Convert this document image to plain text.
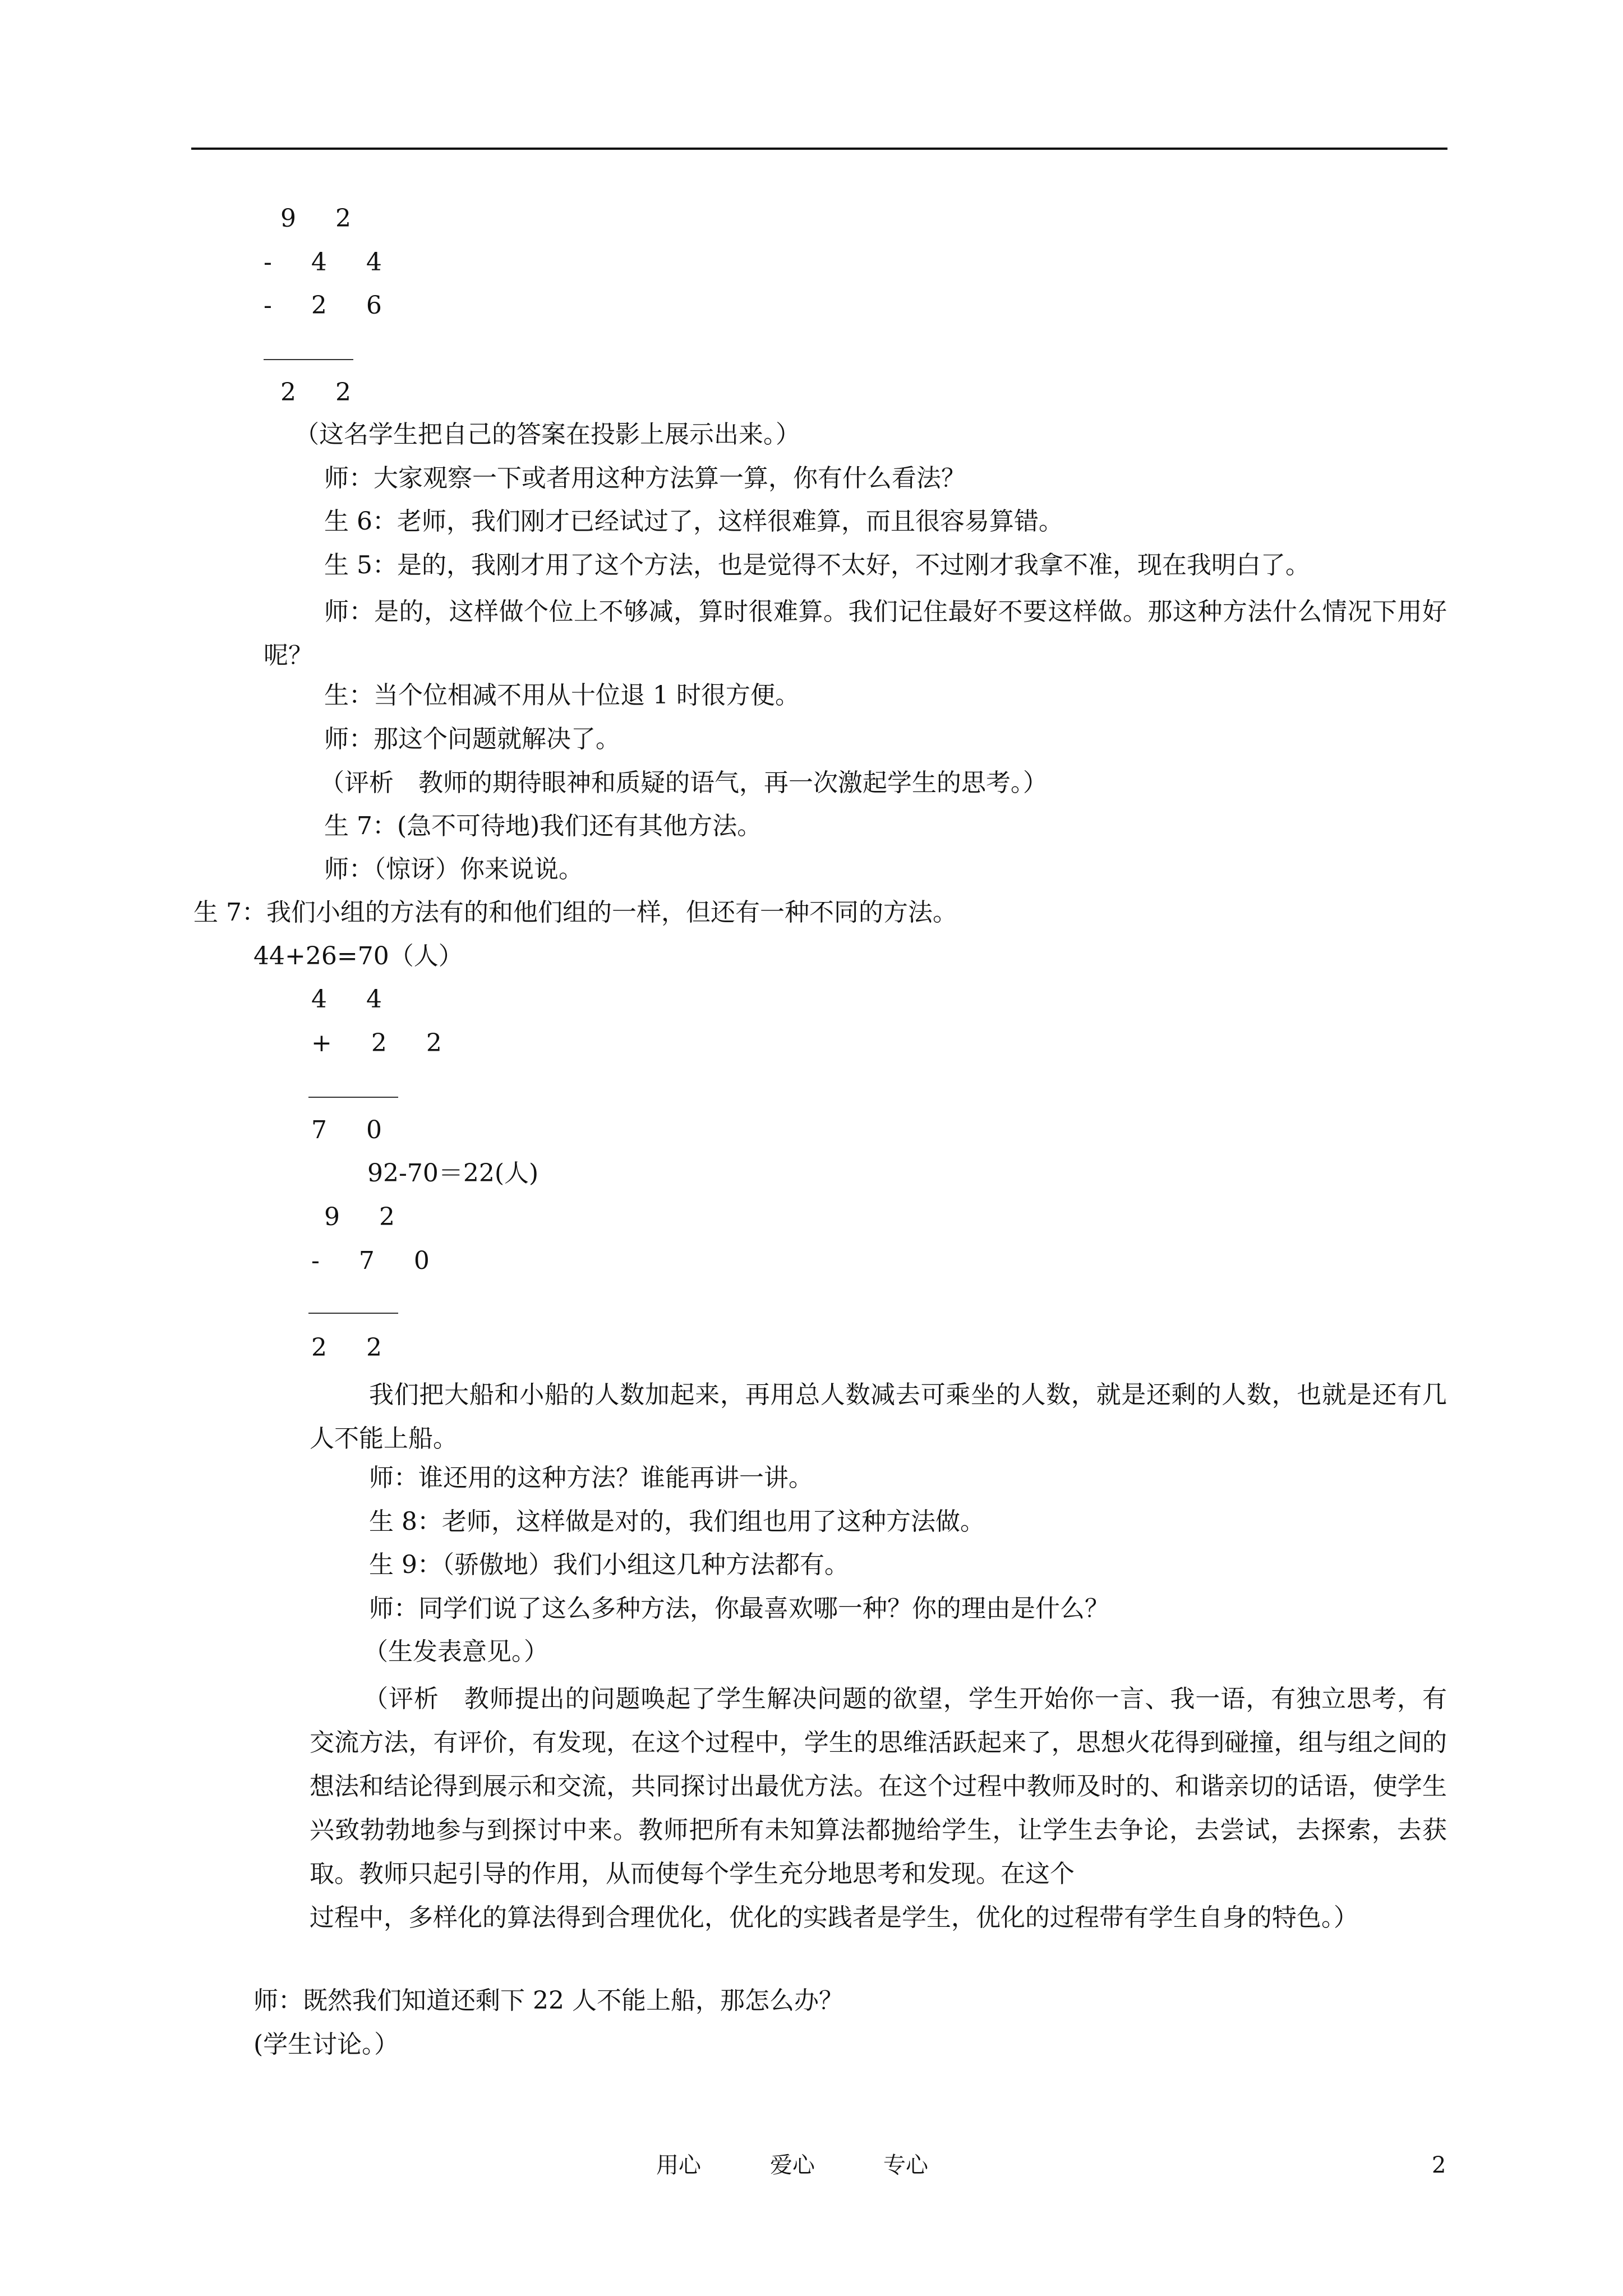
9 2
- 4 4
- 2 6
2 2
（这名学生把自己的答案在投影上展示出来。）
师：大家观察一下或者用这种方法算一算，你有什么看法？
生 6：老师，我们刚才已经试过了，这样很难算，而且很容易算错。
生 5：是的，我刚才用了这个方法，也是觉得不太好，不过刚才我拿不准，现在我明白了。
师：是的，这样做个位上不够减，算时很难算。我们记住最好不要这样做。那这种方法什么情况下用好呢？
生：当个位相减不用从十位退 1 时很方便。
师：那这个问题就解决了。
（评析　教师的期待眼神和质疑的语气，再一次激起学生的思考。）
生 7：(急不可待地)我们还有其他方法。
师：（惊讶）你来说说。
生 7：我们小组的方法有的和他们组的一样，但还有一种不同的方法。
44+26=70（人）
4 4
+ 2 2
7 0
92-70＝22(人)
9 2
- 7 0
2 2
我们把大船和小船的人数加起来，再用总人数减去可乘坐的人数，就是还剩的人数，也就是还有几人不能上船。
师：谁还用的这种方法？谁能再讲一讲。
生 8：老师，这样做是对的，我们组也用了这种方法做。
生 9：（骄傲地）我们小组这几种方法都有。
师：同学们说了这么多种方法，你最喜欢哪一种？你的理由是什么？
（生发表意见。）
（评析　教师提出的问题唤起了学生解决问题的欲望，学生开始你一言、我一语，有独立思考，有交流方法，有评价，有发现，在这个过程中，学生的思维活跃起来了，思想火花得到碰撞，组与组之间的想法和结论得到展示和交流，共同探讨出最优方法。在这个过程中教师及时的、和谐亲切的话语，使学生兴致勃勃地参与到探讨中来。教师把所有未知算法都抛给学生，让学生去争论，去尝试，去探索，去获取。教师只起引导的作用，从而使每个学生充分地思考和发现。在这个
过程中，多样化的算法得到合理优化，优化的实践者是学生，优化的过程带有学生自身的特色。）
师：既然我们知道还剩下 22 人不能上船，那怎么办？
(学生讨论。）
用心	爱心	专心	2
